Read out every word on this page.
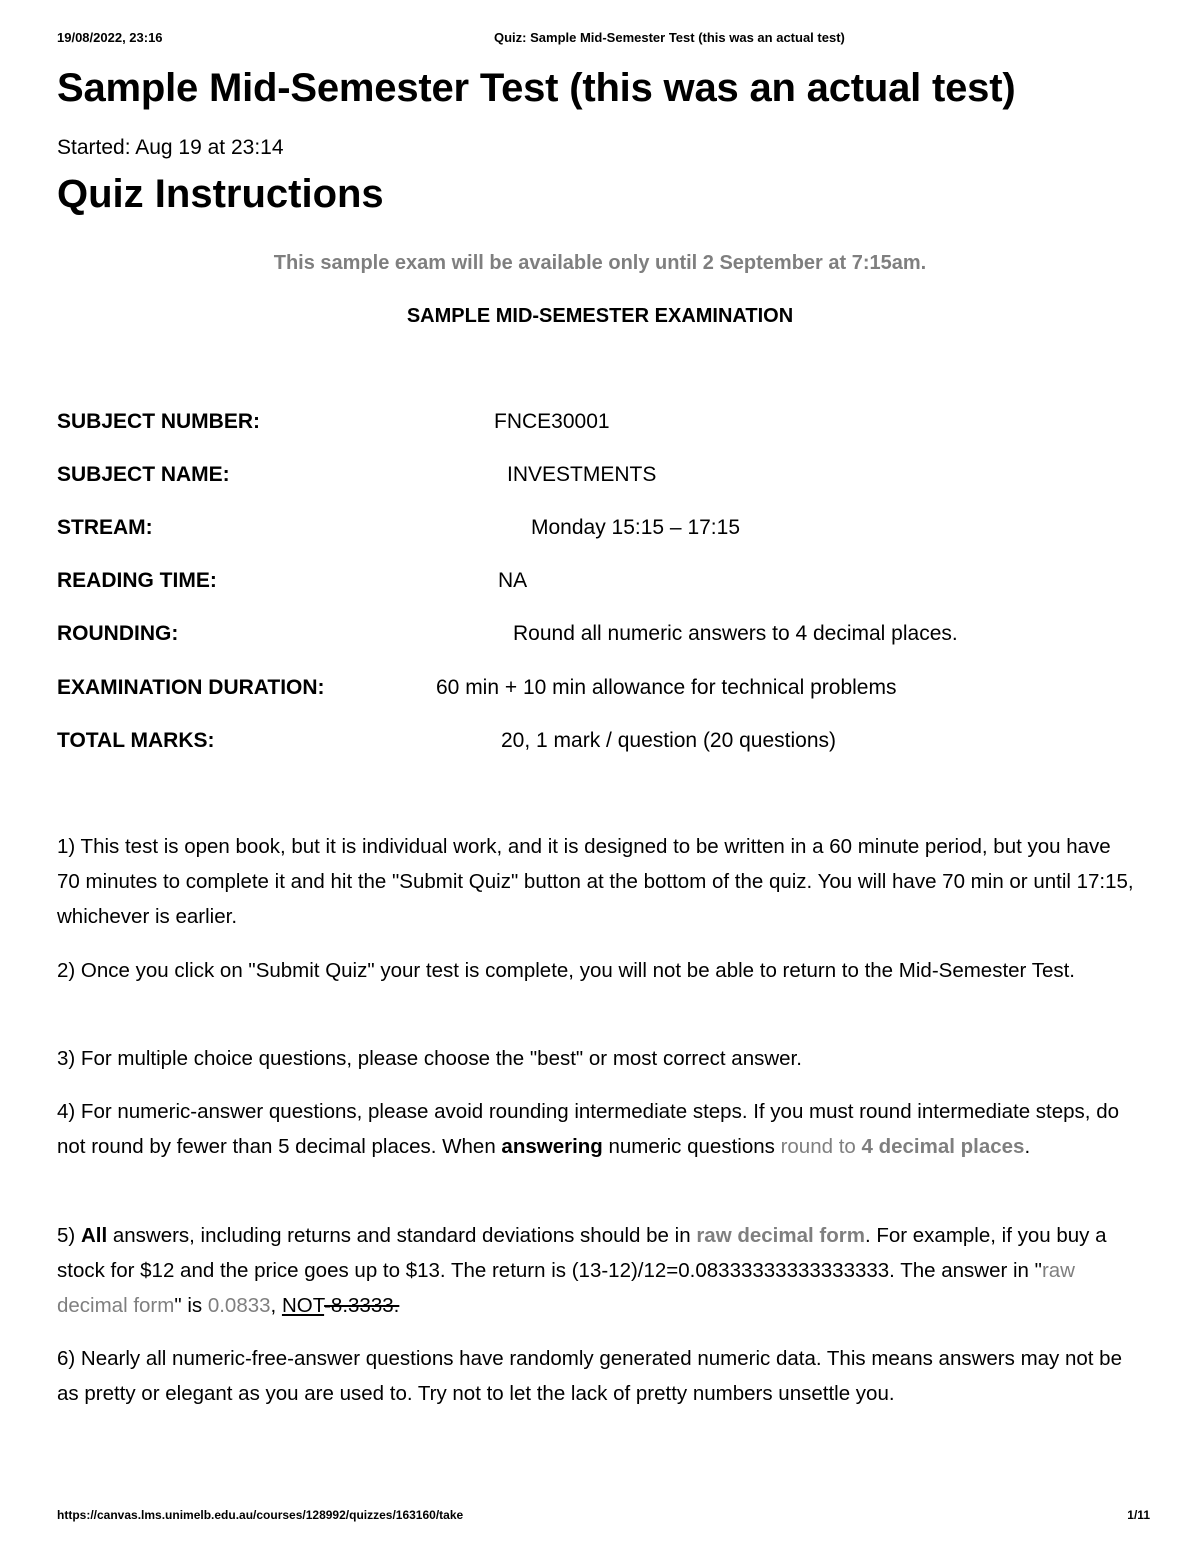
19/08/2022, 23:16	Quiz: Sample Mid-Semester Test (this was an actual test)
Sample Mid-Semester Test (this was an actual test)
Started: Aug 19 at 23:14
Quiz Instructions
This sample exam will be available only until 2 September at 7:15am.
SAMPLE MID-SEMESTER EXAMINATION
SUBJECT NUMBER:	FNCE30001
SUBJECT NAME:	INVESTMENTS
STREAM:	Monday 15:15 – 17:15
READING TIME:	NA
ROUNDING:	Round all numeric answers to 4 decimal places.
EXAMINATION DURATION:	60 min + 10 min allowance for technical problems
TOTAL MARKS:	20, 1 mark / question (20 questions)

1) This test is open book, but it is individual work, and it is designed to be written in a 60 minute period, but you have 70 minutes to complete it and hit the "Submit Quiz" button at the bottom of the quiz. You will have 70 min or until 17:15, whichever is earlier.

2) Once you click on "Submit Quiz" your test is complete, you will not be able to return to the Mid-Semester Test.

3) For multiple choice questions, please choose the "best" or most correct answer.

4) For numeric-answer questions, please avoid rounding intermediate steps. If you must round intermediate steps, do not round by fewer than 5 decimal places. When answering numeric questions round to 4 decimal places.

5) All answers, including returns and standard deviations should be in raw decimal form. For example, if you buy a stock for $12 and the price goes up to $13. The return is (13-12)/12=0.08333333333333333. The answer in "raw decimal form" is 0.0833, NOT-8.3333.

6) Nearly all numeric-free-answer questions have randomly generated numeric data. This means answers may not be as pretty or elegant as you are used to. Try not to let the lack of pretty numbers unsettle you.

https://canvas.lms.unimelb.edu.au/courses/128992/quizzes/163160/take	1/11
